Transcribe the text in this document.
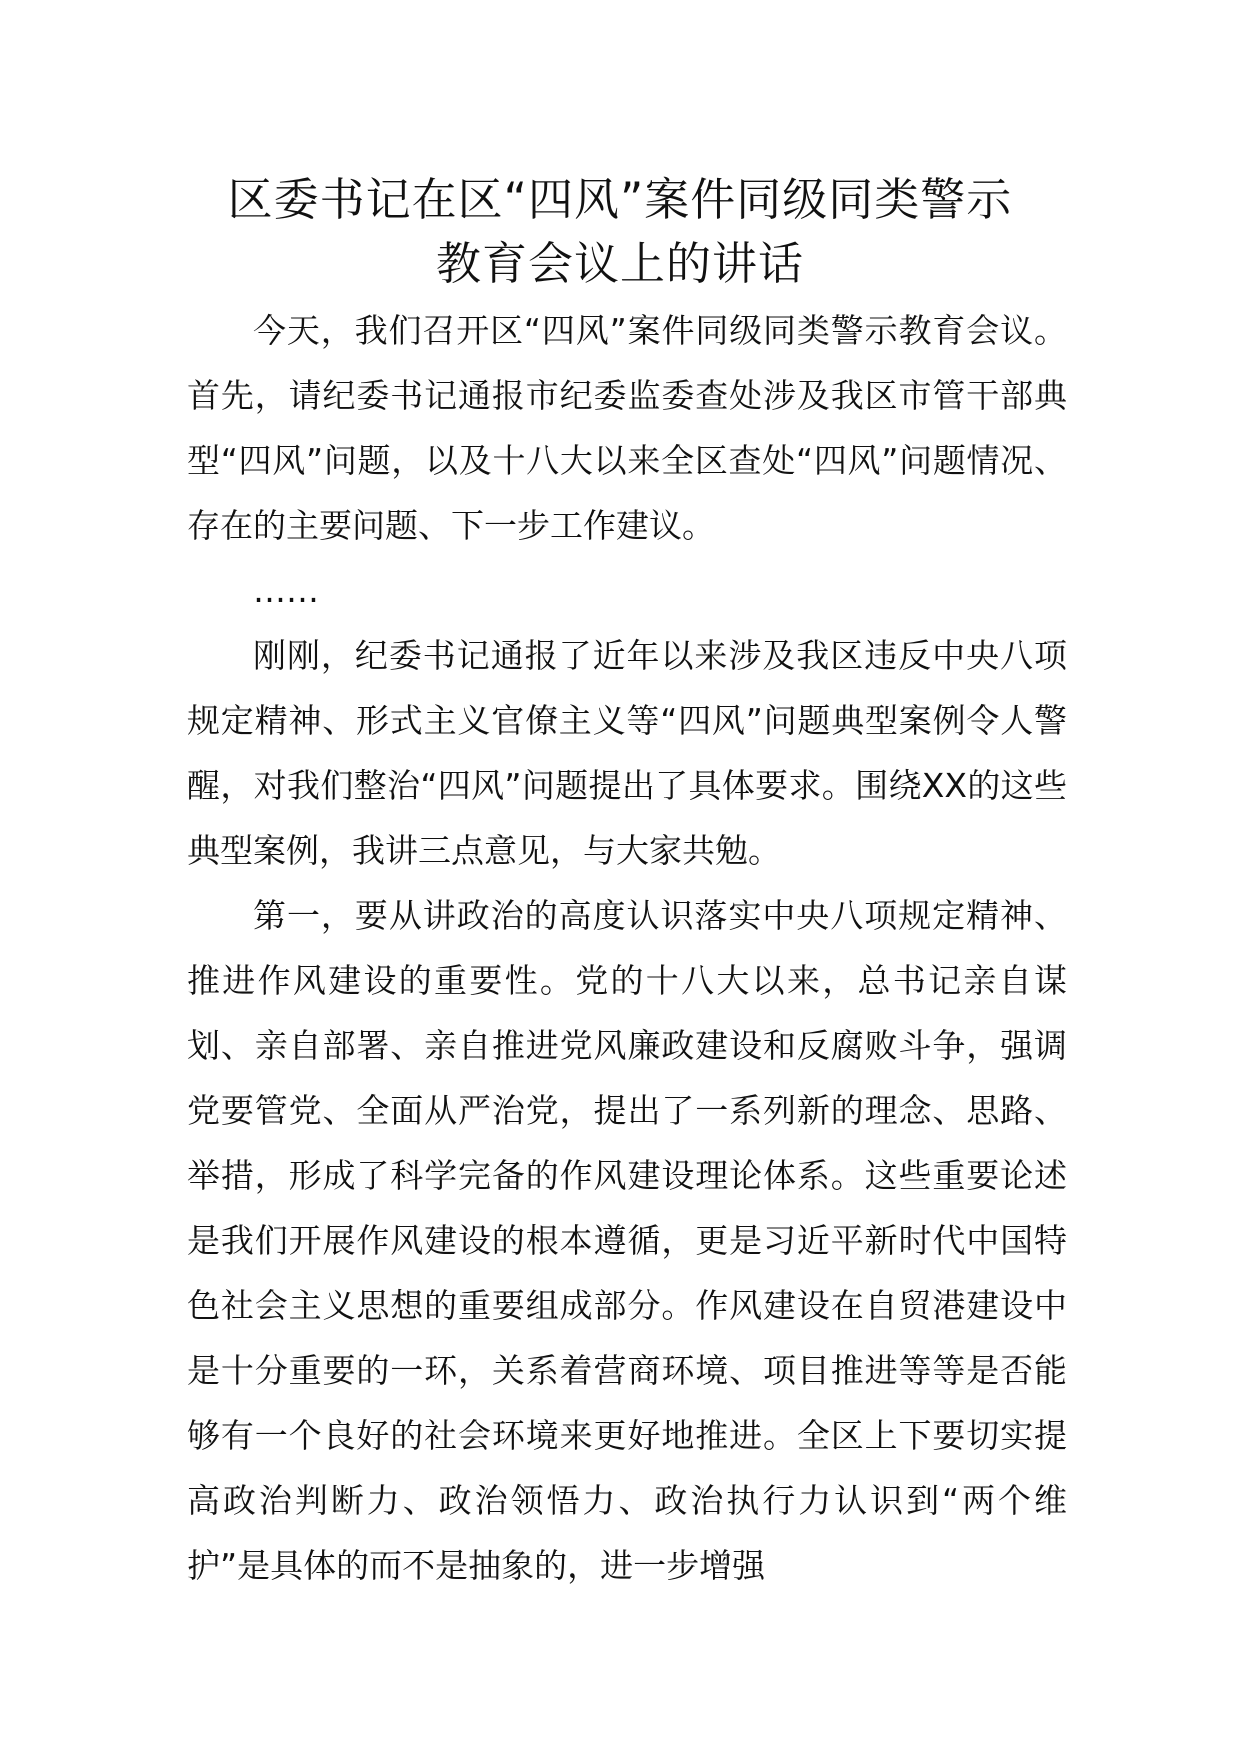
区委书记在区“四风”案件同级同类警示
教育会议上的讲话

今天，我们召开区“四风”案件同级同类警示教育会议。首先，请纪委书记通报市纪委监委查处涉及我区市管干部典型“四风”问题，以及十八大以来全区查处“四风”问题情况、存在的主要问题、下一步工作建议。

……

刚刚，纪委书记通报了近年以来涉及我区违反中央八项规定精神、形式主义官僚主义等“四风”问题典型案例令人警醒，对我们整治“四风”问题提出了具体要求。围绕XX的这些典型案例，我讲三点意见，与大家共勉。

第一，要从讲政治的高度认识落实中央八项规定精神、推进作风建设的重要性。党的十八大以来，总书记亲自谋划、亲自部署、亲自推进党风廉政建设和反腐败斗争，强调党要管党、全面从严治党，提出了一系列新的理念、思路、举措，形成了科学完备的作风建设理论体系。这些重要论述是我们开展作风建设的根本遵循，更是习近平新时代中国特色社会主义思想的重要组成部分。作风建设在自贸港建设中是十分重要的一环，关系着营商环境、项目推进等等是否能够有一个良好的社会环境来更好地推进。全区上下要切实提高政治判断力、政治领悟力、政治执行力认识到“两个维护”是具体的而不是抽象的，进一步增强
